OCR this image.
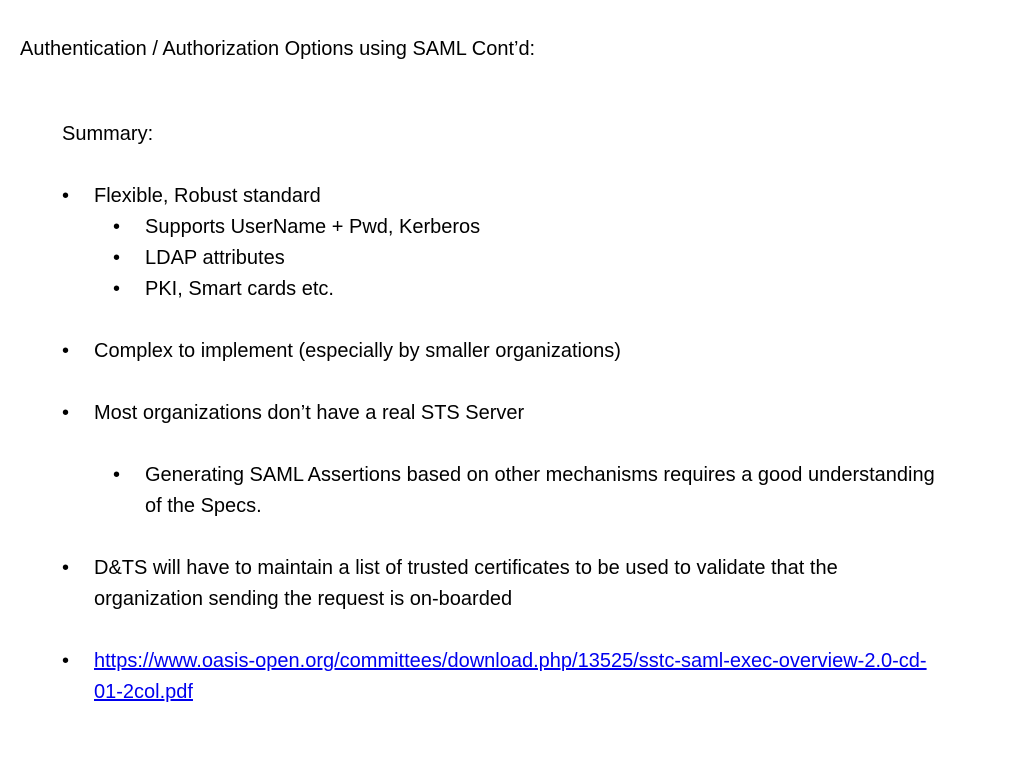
Authentication / Authorization Options using SAML Cont’d:
Summary:
•	Flexible, Robust standard
•	Supports UserName + Pwd, Kerberos
•	LDAP attributes
•	PKI, Smart cards etc.
•	Complex to implement (especially by smaller organizations)
•	Most organizations don’t have a real STS Server
•	Generating SAML Assertions based on other mechanisms requires a good understanding of the Specs.
•	D&TS will have to maintain a list of trusted certificates to be used to validate that the organization sending the request is on-boarded
•	https://www.oasis-open.org/committees/download.php/13525/sstc-saml-exec-overview-2.0-cd-01-2col.pdf
